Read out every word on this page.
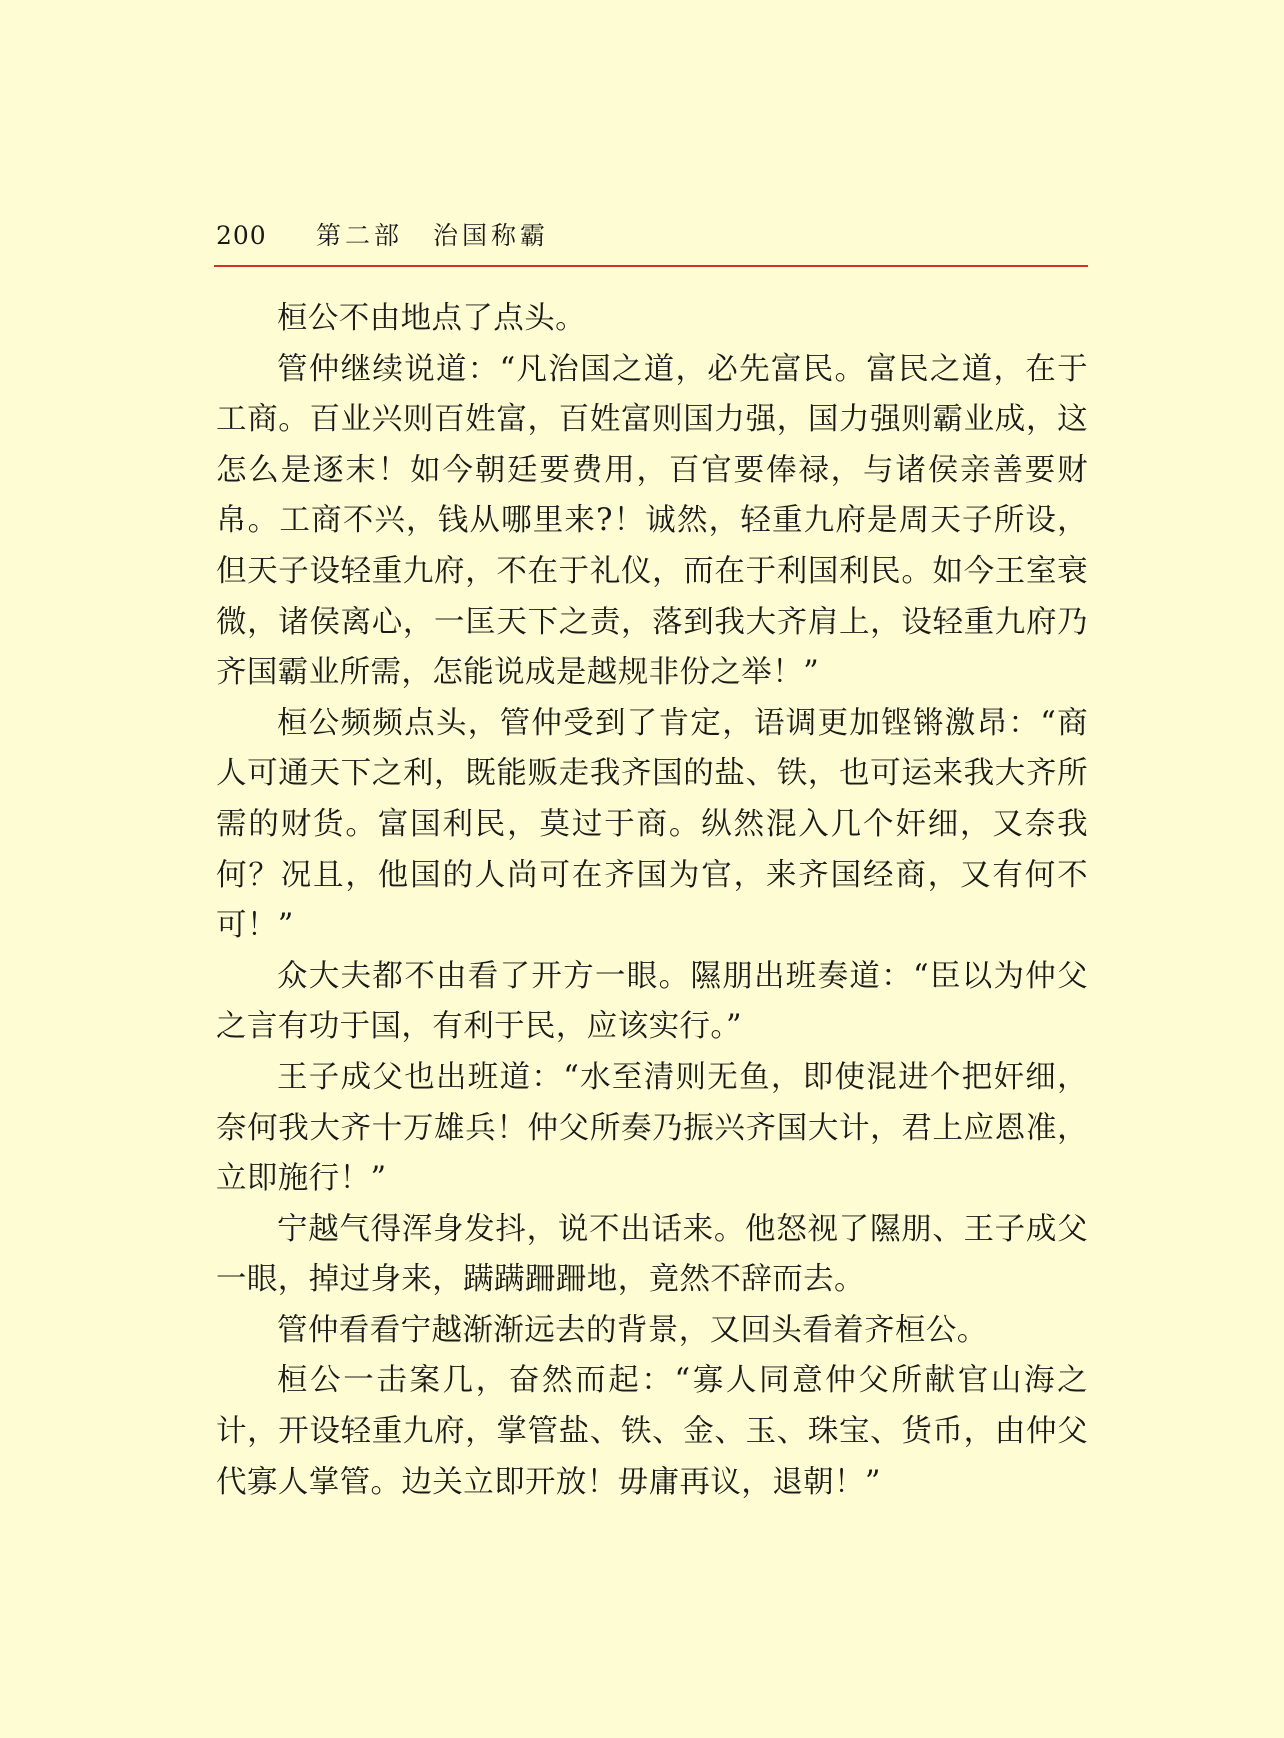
200 第二部 治国称霸

桓公不由地点了点头。

管仲继续说道：“凡治国之道，必先富民。富民之道，在于工商。百业兴则百姓富，百姓富则国力强，国力强则霸业成，这怎么是逐末！如今朝廷要费用，百官要俸禄，与诸侯亲善要财帛。工商不兴，钱从哪里来?！诚然，轻重九府是周天子所设，但天子设轻重九府，不在于礼仪，而在于利国利民。如今王室衰微，诸侯离心，一匡天下之责，落到我大齐肩上，设轻重九府乃齐国霸业所需，怎能说成是越规非份之举！”

桓公频频点头，管仲受到了肯定，语调更加铿锵激昂：“商人可通天下之利，既能贩走我齐国的盐、铁，也可运来我大齐所需的财货。富国利民，莫过于商。纵然混入几个奸细，又奈我何？况且，他国的人尚可在齐国为官，来齐国经商，又有何不可！”

众大夫都不由看了开方一眼。隰朋出班奏道：“臣以为仲父之言有功于国，有利于民，应该实行。”

王子成父也出班道：“水至清则无鱼，即使混进个把奸细，奈何我大齐十万雄兵！仲父所奏乃振兴齐国大计，君上应恩准，立即施行！”

宁越气得浑身发抖，说不出话来。他怒视了隰朋、王子成父一眼，掉过身来，蹒蹒跚跚地，竟然不辞而去。

管仲看看宁越渐渐远去的背景，又回头看着齐桓公。

桓公一击案几，奋然而起：“寡人同意仲父所献官山海之计，开设轻重九府，掌管盐、铁、金、玉、珠宝、货币，由仲父代寡人掌管。边关立即开放！毋庸再议，退朝！”
